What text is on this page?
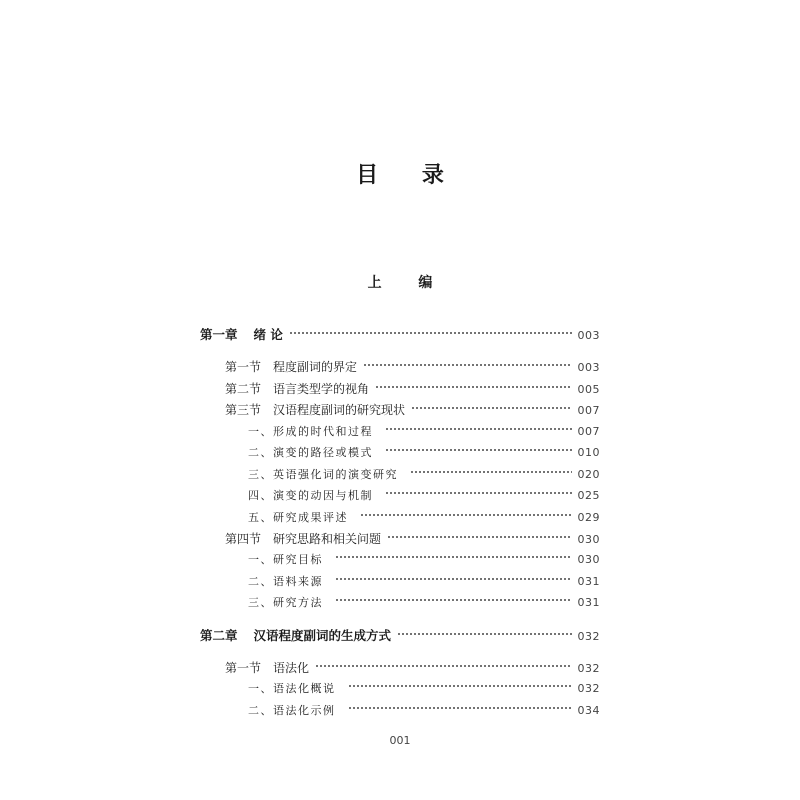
目 录
上 编
第一章 绪 论	003
第一节 程度副词的界定	003
第二节 语言类型学的视角	005
第三节 汉语程度副词的研究现状	007
一、形成的时代和过程	007
二、演变的路径或模式	010
三、英语强化词的演变研究	020
四、演变的动因与机制	025
五、研究成果评述	029
第四节 研究思路和相关问题	030
一、研究目标	030
二、语料来源	031
三、研究方法	031
第二章 汉语程度副词的生成方式	032
第一节 语法化	032
一、语法化概说	032
二、语法化示例	034
001
